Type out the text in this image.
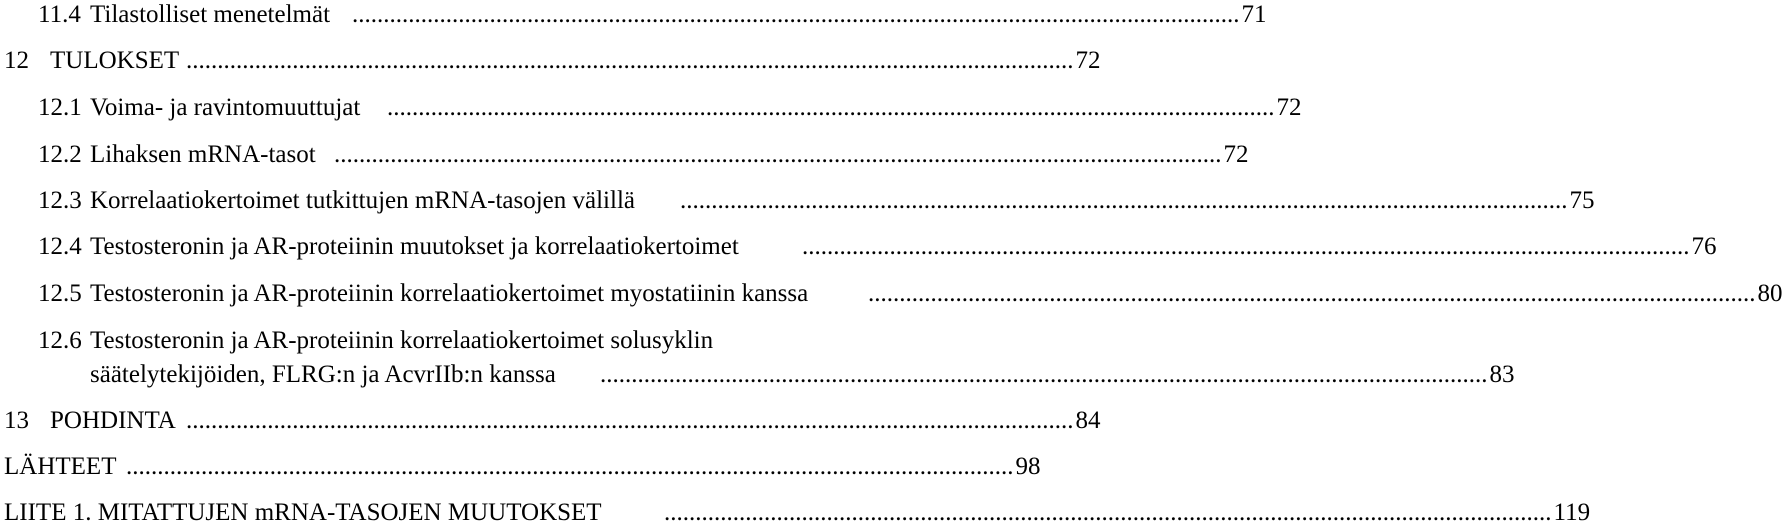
11.4 Tilastolliset menetelmät .............................................................................................................................................. 71
12 TULOKSET .............................................................................................................................................. 72
12.1 Voima- ja ravintomuuttujat .............................................................................................................................................. 72
12.2 Lihaksen mRNA-tasot .............................................................................................................................................. 72
12.3 Korrelaatiokertoimet tutkittujen mRNA-tasojen välillä .............................................................................................................................................. 75
12.4 Testosteronin ja AR-proteiinin muutokset ja korrelaatiokertoimet	.............................................................................................................................................. 76
12.5 Testosteronin ja AR-proteiinin korrelaatiokertoimet myostatiinin kanssa .............................................................................................................................................. 80
12.6 Testosteronin ja AR-proteiinin korrelaatiokertoimet solusyklin
säätelytekijöiden, FLRG:n ja AcvrIIb:n kanssa .............................................................................................................................................. 83
13 POHDINTA .............................................................................................................................................. 84
LÄHTEET .............................................................................................................................................. 98
LIITE 1. MITATTUJEN mRNA-TASOJEN MUUTOKSET .............................................................................................................................................. 119
